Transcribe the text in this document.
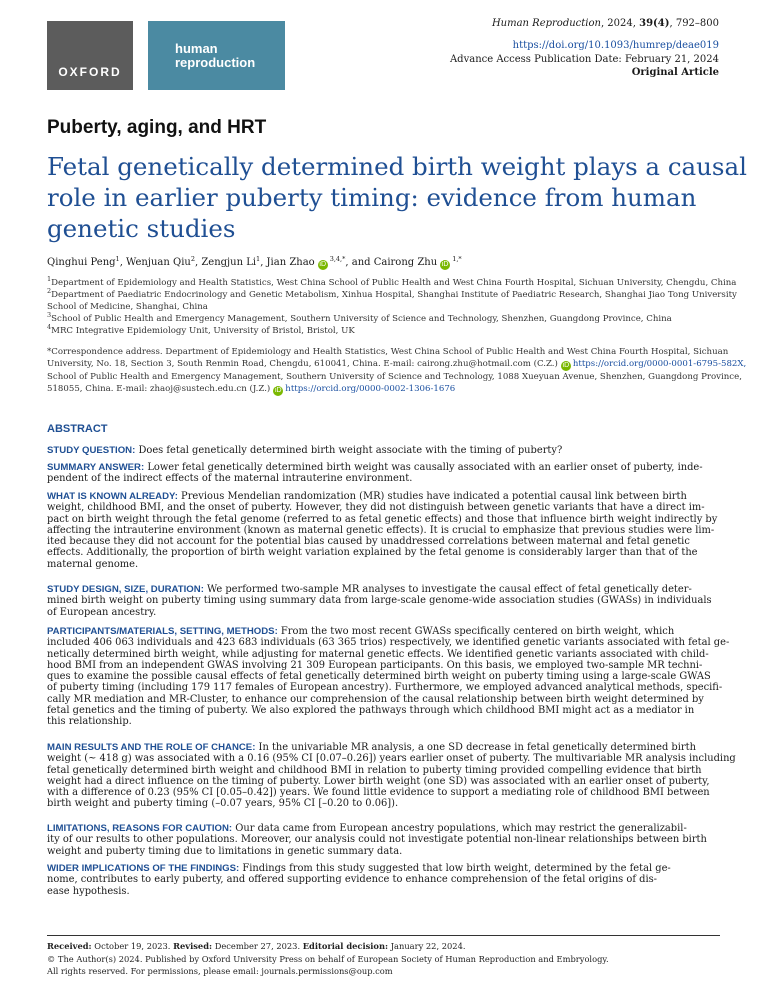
OXFORD
human
reproduction
Human Reproduction, 2024, 39(4), 792–800
https://doi.org/10.1093/humrep/deae019
Advance Access Publication Date: February 21, 2024
Original Article
Puberty, aging, and HRT
Fetal genetically determined birth weight plays a causal
role in earlier puberty timing: evidence from human
genetic studies
Qinghui Peng$^1$, Wenjuan Qiu$^2$, Zengjun Li$^1$, Jian Zhao $iD^{3,4,*}$, and Cairong Zhu $iD^{1,*}$
$^1$Department of Epidemiology and Health Statistics, West China School of Public Health and West China Fourth Hospital, Sichuan University, Chengdu, China
$^2$Department of Paediatric Endocrinology and Genetic Metabolism, Xinhua Hospital, Shanghai Institute of Paediatric Research, Shanghai Jiao Tong University
School of Medicine, Shanghai, China
$^3$School of Public Health and Emergency Management, Southern University of Science and Technology, Shenzhen, Guangdong Province, China
$^4$MRC Integrative Epidemiology Unit, University of Bristol, Bristol, UK
*Correspondence address. Department of Epidemiology and Health Statistics, West China School of Public Health and West China Fourth Hospital, Sichuan
University, No. 18, Section 3, South Renmin Road, Chengdu, 610041, China. E-mail: cairong.zhu@hotmail.com (C.Z.) iD https://orcid.org/0000-0001-6795-582X,
School of Public Health and Emergency Management, Southern University of Science and Technology, 1088 Xueyuan Avenue, Shenzhen, Guangdong Province,
518055, China. E-mail: zhaoj@sustech.edu.cn (J.Z.) iD https://orcid.org/0000-0002-1306-1676
ABSTRACT
STUDY QUESTION: Does fetal genetically determined birth weight associate with the timing of puberty?
SUMMARY ANSWER: Lower fetal genetically determined birth weight was causally associated with an earlier onset of puberty, inde-
pendent of the indirect effects of the maternal intrauterine environment.
WHAT IS KNOWN ALREADY: Previous Mendelian randomization (MR) studies have indicated a potential causal link between birth
weight, childhood BMI, and the onset of puberty. However, they did not distinguish between genetic variants that have a direct im-
pact on birth weight through the fetal genome (referred to as fetal genetic effects) and those that influence birth weight indirectly by
affecting the intrauterine environment (known as maternal genetic effects). It is crucial to emphasize that previous studies were lim-
ited because they did not account for the potential bias caused by unaddressed correlations between maternal and fetal genetic
effects. Additionally, the proportion of birth weight variation explained by the fetal genome is considerably larger than that of the
maternal genome.
STUDY DESIGN, SIZE, DURATION: We performed two-sample MR analyses to investigate the causal effect of fetal genetically deter-
mined birth weight on puberty timing using summary data from large-scale genome-wide association studies (GWASs) in individuals
of European ancestry.
PARTICIPANTS/MATERIALS, SETTING, METHODS: From the two most recent GWASs specifically centered on birth weight, which
included 406 063 individuals and 423 683 individuals (63 365 trios) respectively, we identified genetic variants associated with fetal ge-
netically determined birth weight, while adjusting for maternal genetic effects. We identified genetic variants associated with child-
hood BMI from an independent GWAS involving 21 309 European participants. On this basis, we employed two-sample MR techni-
ques to examine the possible causal effects of fetal genetically determined birth weight on puberty timing using a large-scale GWAS
of puberty timing (including 179 117 females of European ancestry). Furthermore, we employed advanced analytical methods, specifi-
cally MR mediation and MR-Cluster, to enhance our comprehension of the causal relationship between birth weight determined by
fetal genetics and the timing of puberty. We also explored the pathways through which childhood BMI might act as a mediator in
this relationship.
MAIN RESULTS AND THE ROLE OF CHANCE: In the univariable MR analysis, a one SD decrease in fetal genetically determined birth
weight (~ 418 g) was associated with a 0.16 (95% CI [0.07–0.26]) years earlier onset of puberty. The multivariable MR analysis including
fetal genetically determined birth weight and childhood BMI in relation to puberty timing provided compelling evidence that birth
weight had a direct influence on the timing of puberty. Lower birth weight (one SD) was associated with an earlier onset of puberty,
with a difference of 0.23 (95% CI [0.05–0.42]) years. We found little evidence to support a mediating role of childhood BMI between
birth weight and puberty timing (–0.07 years, 95% CI [–0.20 to 0.06]).
LIMITATIONS, REASONS FOR CAUTION: Our data came from European ancestry populations, which may restrict the generalizabil-
ity of our results to other populations. Moreover, our analysis could not investigate potential non-linear relationships between birth
weight and puberty timing due to limitations in genetic summary data.
WIDER IMPLICATIONS OF THE FINDINGS: Findings from this study suggested that low birth weight, determined by the fetal ge-
nome, contributes to early puberty, and offered supporting evidence to enhance comprehension of the fetal origins of dis-
ease hypothesis.
Received: October 19, 2023. Revised: December 27, 2023. Editorial decision: January 22, 2024.
© The Author(s) 2024. Published by Oxford University Press on behalf of European Society of Human Reproduction and Embryology.
All rights reserved. For permissions, please email: journals.permissions@oup.com
